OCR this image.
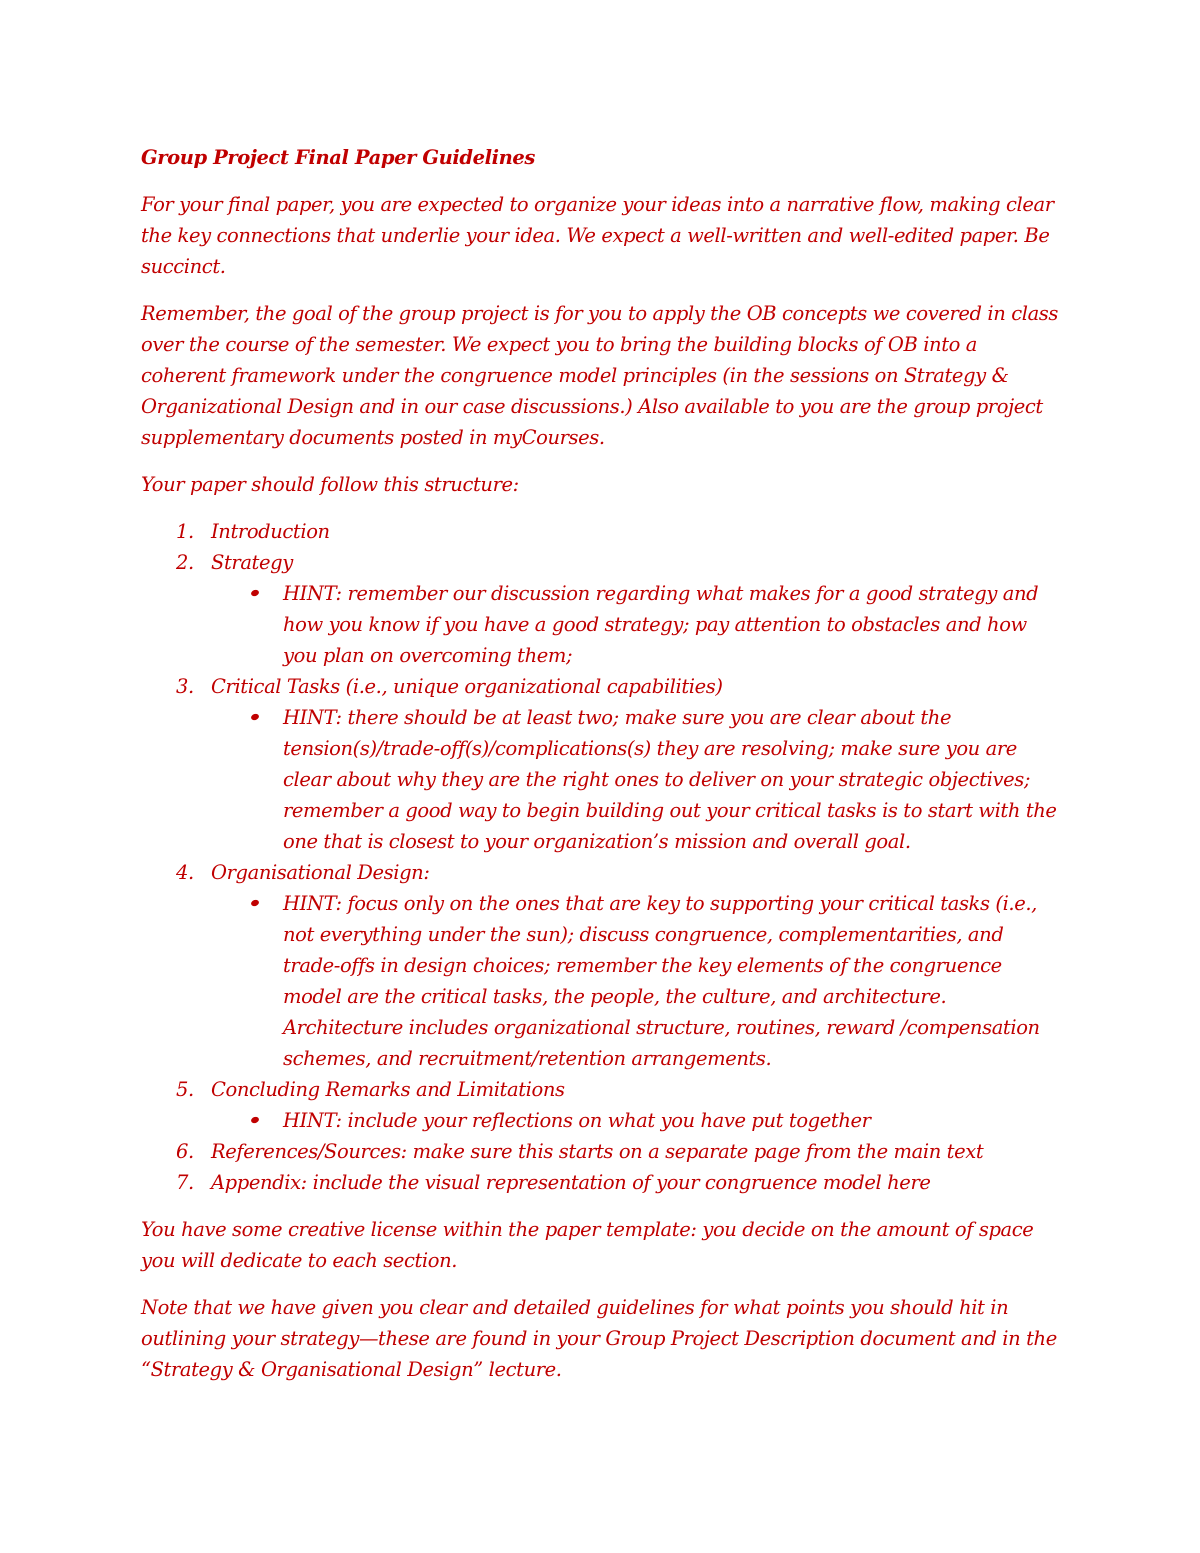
Group Project Final Paper Guidelines
For your final paper, you are expected to organize your ideas into a narrative flow, making clear the key connections that underlie your idea. We expect a well-written and well-edited paper. Be succinct.
Remember, the goal of the group project is for you to apply the OB concepts we covered in class over the course of the semester. We expect you to bring the building blocks of OB into a coherent framework under the congruence model principles (in the sessions on Strategy & Organizational Design and in our case discussions.) Also available to you are the group project supplementary documents posted in myCourses.
Your paper should follow this structure:
1. Introduction
2. Strategy
HINT: remember our discussion regarding what makes for a good strategy and how you know if you have a good strategy; pay attention to obstacles and how you plan on overcoming them;
3. Critical Tasks (i.e., unique organizational capabilities)
HINT: there should be at least two; make sure you are clear about the tension(s)/trade-off(s)/complications(s) they are resolving; make sure you are clear about why they are the right ones to deliver on your strategic objectives; remember a good way to begin building out your critical tasks is to start with the one that is closest to your organization’s mission and overall goal.
4. Organisational Design:
HINT: focus only on the ones that are key to supporting your critical tasks (i.e., not everything under the sun); discuss congruence, complementarities, and trade-offs in design choices; remember the key elements of the congruence model are the critical tasks, the people, the culture, and architecture. Architecture includes organizational structure, routines, reward /compensation schemes, and recruitment/retention arrangements.
5. Concluding Remarks and Limitations
HINT: include your reflections on what you have put together
6. References/Sources: make sure this starts on a separate page from the main text
7. Appendix: include the visual representation of your congruence model here
You have some creative license within the paper template: you decide on the amount of space you will dedicate to each section.
Note that we have given you clear and detailed guidelines for what points you should hit in outlining your strategy—these are found in your Group Project Description document and in the “Strategy & Organisational Design” lecture.
